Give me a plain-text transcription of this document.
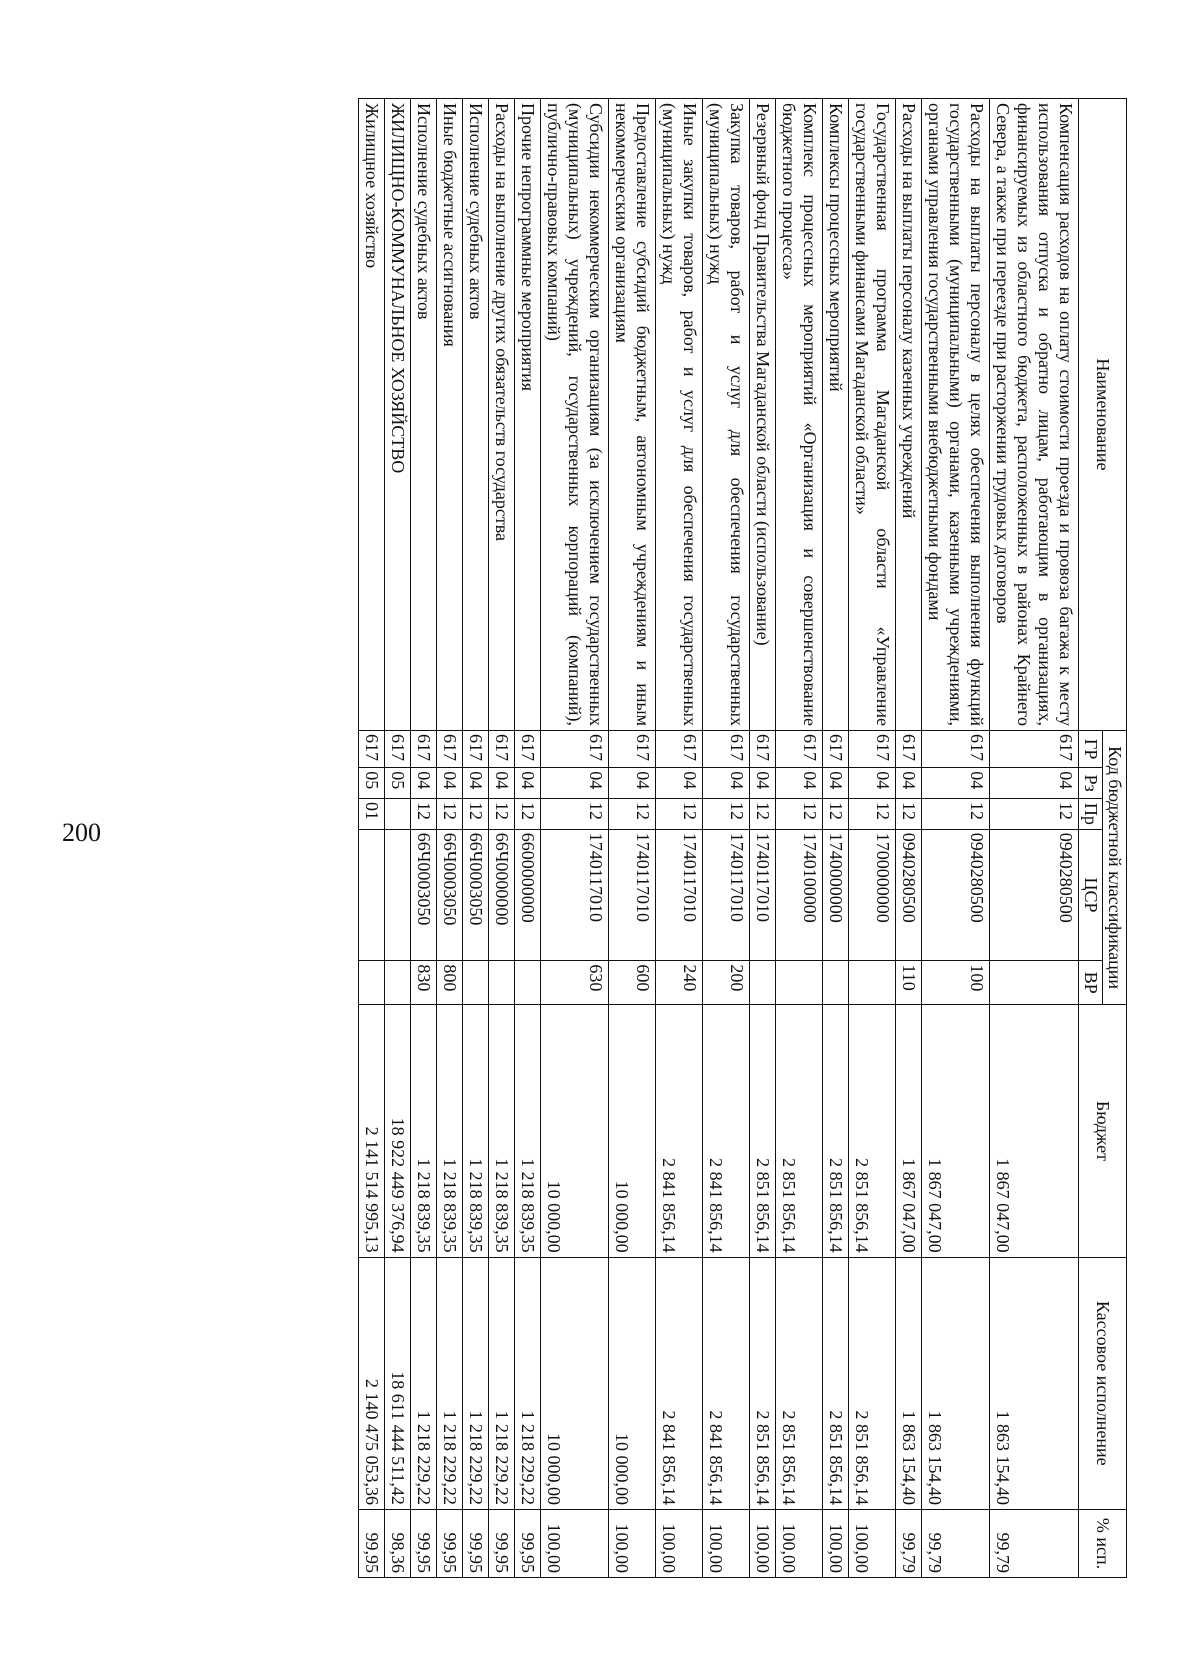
200
Наименование	Код бюджетной классификации					Бюджет	Кассовое исполнение	% исп.
	ГР	Рз	Пр	ЦСР	ВР			
Компенсация расходов на оплату стоимости проезда и провоза багажа к месту использования отпуска и обратно лицам, работающим в организациях, финансируемых из областного бюджета, расположенных в районах Крайнего Севера, а также при переезде при расторжении трудовых договоров	617	04	12	0940280500		1 867 047,00	1 863 154,40	99,79
Расходы на выплаты персоналу в целях обеспечения выполнения функций государственными (муниципальными) органами, казенными учреждениями, органами управления государственными внебюджетными фондами	617	04	12	0940280500	100	1 867 047,00	1 863 154,40	99,79
Расходы на выплаты персоналу казенных учреждений	617	04	12	0940280500	110	1 867 047,00	1 863 154,40	99,79
Государственная программа Магаданской области «Управление государственными финансами Магаданской области»	617	04	12	1700000000		2 851 856,14	2 851 856,14	100,00
Комплексы процессных мероприятий	617	04	12	1740000000		2 851 856,14	2 851 856,14	100,00
Комплекс процессных мероприятий «Организация и совершенствование бюджетного процесса»	617	04	12	1740100000		2 851 856,14	2 851 856,14	100,00
Резервный фонд Правительства Магаданской области (использование)	617	04	12	1740117010		2 851 856,14	2 851 856,14	100,00
Закупка товаров, работ и услуг для обеспечения государственных (муниципальных) нужд	617	04	12	1740117010	200	2 841 856,14	2 841 856,14	100,00
Иные закупки товаров, работ и услуг для обеспечения государственных (муниципальных) нужд	617	04	12	1740117010	240	2 841 856,14	2 841 856,14	100,00
Предоставление субсидий бюджетным, автономным учреждениям и иным некоммерческим организациям	617	04	12	1740117010	600	10 000,00	10 000,00	100,00
Субсидии некоммерческим организациям (за исключением государственных (муниципальных) учреждений, государственных корпораций (компаний), публично-правовых компаний)	617	04	12	1740117010	630	10 000,00	10 000,00	100,00
Прочие непрограммные мероприятия	617	04	12	6600000000		1 218 839,35	1 218 229,22	99,95
Расходы на выполнение других обязательств государства	617	04	12	66Ч0000000		1 218 839,35	1 218 229,22	99,95
Исполнение судебных актов	617	04	12	66Ч0003050		1 218 839,35	1 218 229,22	99,95
Иные бюджетные ассигнования	617	04	12	66Ч0003050	800	1 218 839,35	1 218 229,22	99,95
Исполнение судебных актов	617	04	12	66Ч0003050	830	1 218 839,35	1 218 229,22	99,95
ЖИЛИЩНО-КОММУНАЛЬНОЕ ХОЗЯЙСТВО	617	05				18 922 449 376,94	18 611 444 511,42	98,36
Жилищное хозяйство	617	05	01			2 141 514 995,13	2 140 475 053,36	99,95
